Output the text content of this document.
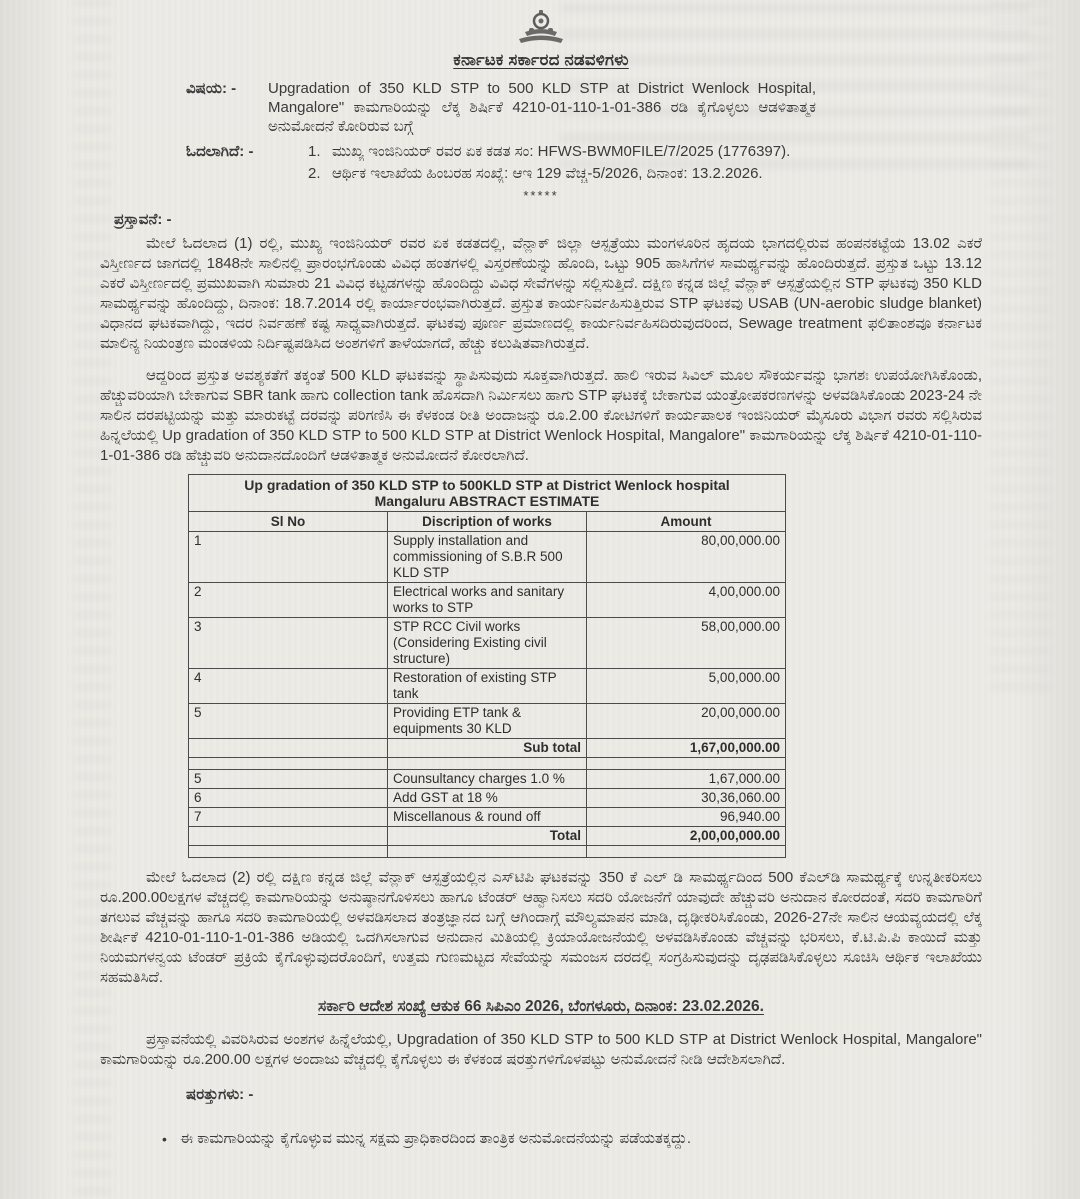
ಕರ್ನಾಟಕ ಸರ್ಕಾರದ ನಡವಳಿಗಳು
ವಿಷಯ: -	Upgradation of 350 KLD STP to 500 KLD STP at District Wenlock Hospital, Mangalore" ಕಾಮಗಾರಿಯನ್ನು ಲೆಕ್ಕ ಶಿರ್ಷಿಕೆ 4210-01-110-1-01-386 ರಡಿ ಕೈಗೊಳ್ಳಲು ಆಡಳಿತಾತ್ಮಕ ಅನುಮೋದನೆ ಕೋರಿರುವ ಬಗ್ಗೆ
ಓದಲಾಗಿದೆ: -	1. ಮುಖ್ಯ ಇಂಜಿನಿಯರ್ ರವರ ಏಕ ಕಡತ ಸಂ: HFWS-BWM0FILE/7/2025 (1776397).
2. ಆರ್ಥಿಕ ಇಲಾಖೆಯ ಹಿಂಬರಹ ಸಂಖ್ಯೆ: ಆಇ 129 ವೆಚ್ಚ-5/2026, ದಿನಾಂಕ: 13.2.2026.
*****
ಪ್ರಸ್ತಾವನೆ: -

ಮೇಲೆ ಓದಲಾದ (1) ರಲ್ಲಿ, ಮುಖ್ಯ ಇಂಜಿನಿಯರ್ ರವರ ಏಕ ಕಡತದಲ್ಲಿ, ವೆನ್ಲಾಕ್ ಜಿಲ್ಲಾ ಆಸ್ಪತ್ರೆಯು ಮಂಗಳೂರಿನ ಹೃದಯ ಭಾಗದಲ್ಲಿರುವ ಹಂಪನಕಟ್ಟೆಯ 13.02 ಎಕರೆ ವಿಸ್ತೀರ್ಣದ ಜಾಗದಲ್ಲಿ 1848ನೇ ಸಾಲಿನಲ್ಲಿ ಪ್ರಾರಂಭಗೊಂಡು ವಿವಿಧ ಹಂತಗಳಲ್ಲಿ ವಿಸ್ತರಣೆಯನ್ನು ಹೊಂದಿ, ಒಟ್ಟು 905 ಹಾಸಿಗೆಗಳ ಸಾಮರ್ಥ್ಯವನ್ನು ಹೊಂದಿರುತ್ತದೆ. ಪ್ರಸ್ತುತ ಒಟ್ಟು 13.12 ಎಕರೆ ವಿಸ್ತೀರ್ಣದಲ್ಲಿ ಪ್ರಮುಖವಾಗಿ ಸುಮಾರು 21 ವಿವಿಧ ಕಟ್ಟಡಗಳನ್ನು ಹೊಂದಿದ್ದು ವಿವಿಧ ಸೇವೆಗಳನ್ನು ಸಲ್ಲಿಸುತ್ತಿದೆ. ದಕ್ಷಿಣ ಕನ್ನಡ ಜಿಲ್ಲೆ ವೆನ್ಲಾಕ್ ಆಸ್ಪತ್ರೆಯಲ್ಲಿನ STP ಘಟಕವು 350 KLD ಸಾಮರ್ಥ್ಯವನ್ನು ಹೊಂದಿದ್ದು, ದಿನಾಂಕ: 18.7.2014 ರಲ್ಲಿ ಕಾರ್ಯಾರಂಭವಾಗಿರುತ್ತದೆ. ಪ್ರಸ್ತುತ ಕಾರ್ಯನಿರ್ವಹಿಸುತ್ತಿರುವ STP ಘಟಕವು USAB (UN-aerobic sludge blanket) ವಿಧಾನದ ಘಟಕವಾಗಿದ್ದು, ಇದರ ನಿರ್ವಹಣೆ ಕಷ್ಟ ಸಾಧ್ಯವಾಗಿರುತ್ತದೆ. ಘಟಕವು ಪೂರ್ಣ ಪ್ರಮಾಣದಲ್ಲಿ ಕಾರ್ಯನಿರ್ವಹಿಸದಿರುವುದರಿಂದ, Sewage treatment ಫಲಿತಾಂಶವೂ ಕರ್ನಾಟಕ ಮಾಲಿನ್ಯ ನಿಯಂತ್ರಣ ಮಂಡಳಿಯ ನಿರ್ದಿಷ್ಟಪಡಿಸಿದ ಅಂಶಗಳಿಗೆ ತಾಳೆಯಾಗದೆ, ಹೆಚ್ಚು ಕಲುಷಿತವಾಗಿರುತ್ತದೆ.

ಆದ್ದರಿಂದ ಪ್ರಸ್ತುತ ಅವಶ್ಯಕತೆಗೆ ತಕ್ಕಂತೆ 500 KLD ಘಟಕವನ್ನು ಸ್ಥಾಪಿಸುವುದು ಸೂಕ್ತವಾಗಿರುತ್ತದೆ. ಹಾಲಿ ಇರುವ ಸಿವಿಲ್ ಮೂಲ ಸೌಕರ್ಯವನ್ನು ಭಾಗಶಃ ಉಪಯೋಗಿಸಿಕೊಂಡು, ಹೆಚ್ಚುವರಿಯಾಗಿ ಬೇಕಾಗುವ SBR tank ಹಾಗು collection tank ಹೊಸದಾಗಿ ನಿರ್ಮಿಸಲು ಹಾಗು STP ಘಟಕಕ್ಕೆ ಬೇಕಾಗುವ ಯಂತ್ರೋಪಕರಣಗಳನ್ನು ಅಳವಡಿಸಿಕೊಂಡು 2023-24 ನೇ ಸಾಲಿನ ದರಪಟ್ಟಿಯನ್ನು ಮತ್ತು ಮಾರುಕಟ್ಟೆ ದರವನ್ನು ಪರಿಗಣಿಸಿ ಈ ಕೆಳಕಂಡ ರೀತಿ ಅಂದಾಜನ್ನು ರೂ.2.00 ಕೋಟಿಗಳಿಗೆ ಕಾರ್ಯಪಾಲಕ ಇಂಜಿನಿಯರ್ ಮೈಸೂರು ವಿಭಾಗ ರವರು ಸಲ್ಲಿಸಿರುವ ಹಿನ್ನಲೆಯಲ್ಲಿ Up gradation of 350 KLD STP to 500 KLD STP at District Wenlock Hospital, Mangalore" ಕಾಮಗಾರಿಯನ್ನು ಲೆಕ್ಕ ಶಿರ್ಷಿಕೆ 4210-01-110-1-01-386 ರಡಿ ಹೆಚ್ಚುವರಿ ಅನುದಾನದೊಂದಿಗೆ ಆಡಳಿತಾತ್ಮಕ ಅನುಮೋದನೆ ಕೋರಲಾಗಿದೆ.

Up gradation of 350 KLD STP to 500KLD STP at District Wenlock hospital
Mangaluru ABSTRACT ESTIMATE		

Sl No	Discription of works	Amount
1	Supply installation and commissioning of S.B.R 500 KLD STP	80,00,000.00
2	Electrical works and sanitary works to STP	4,00,000.00
3	STP RCC Civil works (Considering Existing civil structure)	58,00,000.00
4	Restoration of existing STP tank	5,00,000.00
5	Providing ETP tank & equipments 30 KLD	20,00,000.00
	Sub total	1,67,00,000.00

5	Counsultancy charges 1.0 %	1,67,000.00
6	Add GST at 18 %	30,36,060.00
7	Miscellanous & round off	96,940.00
	Total	2,00,00,000.00

ಮೇಲೆ ಓದಲಾದ (2) ರಲ್ಲಿ ದಕ್ಷಿಣ ಕನ್ನಡ ಜಿಲ್ಲೆ ವೆನ್ಲಾಕ್ ಆಸ್ಪತ್ರೆಯಲ್ಲಿನ ಎಸ್‌ಟಿಪಿ ಘಟಕವನ್ನು 350 ಕೆ ಎಲ್ ಡಿ ಸಾಮರ್ಥ್ಯದಿಂದ 500 ಕೆಎಲ್‌ಡಿ ಸಾಮರ್ಥ್ಯಕ್ಕೆ ಉನ್ನತೀಕರಿಸಲು ರೂ.200.00ಲಕ್ಷಗಳ ವೆಚ್ಚದಲ್ಲಿ ಕಾಮಗಾರಿಯನ್ನು ಅನುಷ್ಠಾನಗೊಳಿಸಲು ಹಾಗೂ ಟೆಂಡರ್ ಆಹ್ವಾನಿಸಲು ಸದರಿ ಯೋಜನೆಗೆ ಯಾವುದೇ ಹೆಚ್ಚುವರಿ ಅನುದಾನ ಕೋರದಂತೆ, ಸದರಿ ಕಾಮಗಾರಿಗೆ ತಗಲುವ ವೆಚ್ಚವನ್ನು ಹಾಗೂ ಸದರಿ ಕಾಮಗಾರಿಯಲ್ಲಿ ಅಳವಡಿಸಲಾದ ತಂತ್ರಜ್ಞಾನದ ಬಗ್ಗೆ ಆಗಿಂದಾಗ್ಗೆ ಮೌಲ್ಯಮಾಪನ ಮಾಡಿ, ದೃಢೀಕರಿಸಿಕೊಂಡು, 2026-27ನೇ ಸಾಲಿನ ಆಯವ್ಯಯದಲ್ಲಿ ಲೆಕ್ಕ ಶೀರ್ಷಿಕೆ 4210-01-110-1-01-386 ಅಡಿಯಲ್ಲಿ ಒದಗಿಸಲಾಗುವ ಅನುದಾನ ಮಿತಿಯಲ್ಲಿ ಕ್ರಿಯಾಯೋಜನೆಯಲ್ಲಿ ಅಳವಡಿಸಿಕೊಂಡು ವೆಚ್ಚವನ್ನು ಭರಿಸಲು, ಕೆ.ಟಿ.ಪಿ.ಪಿ ಕಾಯಿದೆ ಮತ್ತು ನಿಯಮಗಳನ್ವಯ ಟೆಂಡರ್ ಪ್ರಕ್ರಿಯೆ ಕೈಗೊಳ್ಳುವುದರೊಂದಿಗೆ, ಉತ್ತಮ ಗುಣಮಟ್ಟದ ಸೇವೆಯನ್ನು ಸಮಂಜಸ ದರದಲ್ಲಿ ಸಂಗ್ರಹಿಸುವುದನ್ನು ದೃಢಪಡಿಸಿಕೊಳ್ಳಲು ಸೂಚಿಸಿ ಆರ್ಥಿಕ ಇಲಾಖೆಯು ಸಹಮತಿಸಿದೆ.

ಸರ್ಕಾರಿ ಆದೇಶ ಸಂಖ್ಯೆ ಆಕುಕ 66 ಸಿಪಿಎಂ 2026, ಬೆಂಗಳೂರು, ದಿನಾಂಕ: 23.02.2026.

ಪ್ರಸ್ತಾವನೆಯಲ್ಲಿ ವಿವರಿಸಿರುವ ಅಂಶಗಳ ಹಿನ್ನೆಲೆಯಲ್ಲಿ, Upgradation of 350 KLD STP to 500 KLD STP at District Wenlock Hospital, Mangalore" ಕಾಮಗಾರಿಯನ್ನು ರೂ.200.00 ಲಕ್ಷಗಳ ಅಂದಾಜು ವೆಚ್ಚದಲ್ಲಿ ಕೈಗೊಳ್ಳಲು ಈ ಕೆಳಕಂಡ ಷರತ್ತುಗಳಿಗೊಳಪಟ್ಟು ಅನುಮೋದನೆ ನೀಡಿ ಆದೇಶಿಸಲಾಗಿದೆ.

ಷರತ್ತುಗಳು: -
• ಈ ಕಾಮಗಾರಿಯನ್ನು ಕೈಗೊಳ್ಳುವ ಮುನ್ನ ಸಕ್ಷಮ ಪ್ರಾಧಿಕಾರದಿಂದ ತಾಂತ್ರಿಕ ಅನುಮೋದನೆಯನ್ನು ಪಡೆಯತಕ್ಕದ್ದು.
